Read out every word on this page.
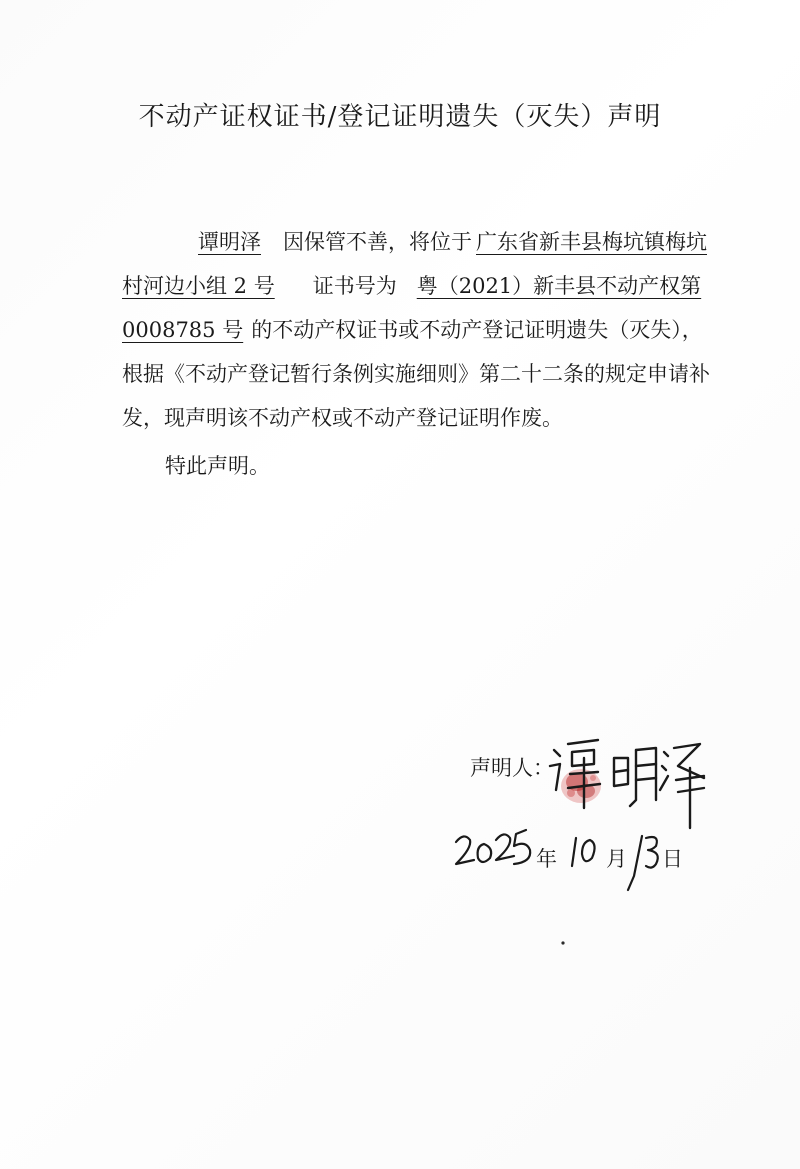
不动产证权证书/登记证明遗失（灭失）声明
谭明泽 因保管不善，将位于 广东省新丰县梅坑镇梅坑
村河边小组 2 号 证书号为 粤（2021）新丰县不动产权第
0008785 号 的不动产权证书或不动产登记证明遗失（灭失），
根据《不动产登记暂行条例实施细则》第二十二条的规定申请补
发，现声明该不动产权或不动产登记证明作废。
特此声明。
声明人：
年 月 日
